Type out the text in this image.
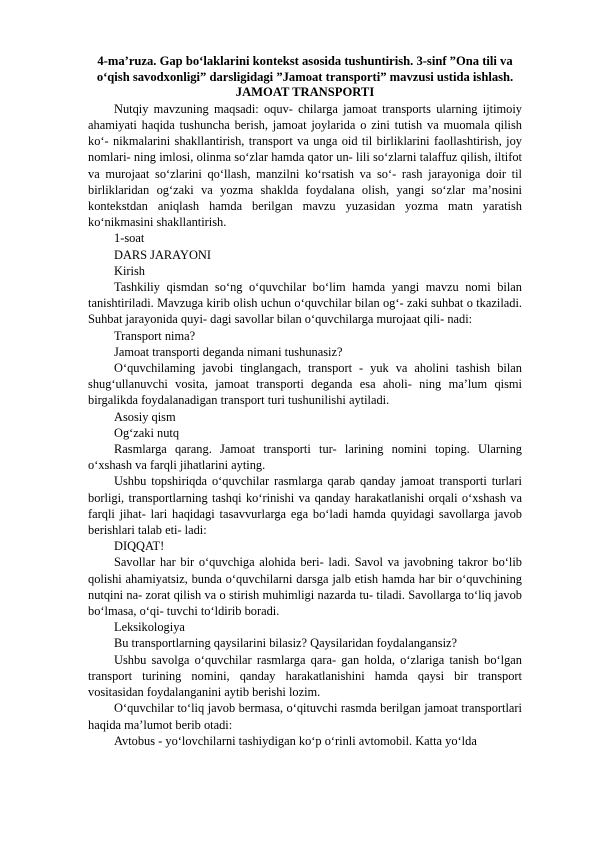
4-ma’ruza. Gap bo‘laklarini kontekst asosida tushuntirish. 3-sinf ”Ona tili va o‘qish savodxonligi” darsligidagi ”Jamoat transporti” mavzusi ustida ishlash.

JAMOAT TRANSPORTI

Nutqiy mavzuning maqsadi: oquv- chilarga jamoat transports ularning ijtimoiy ahamiyati haqida tushuncha berish, jamoat joylarida o zini tutish va muomala qilish ko‘- nikmalarini shakllantirish, transport va unga oid til birliklarini faollashtirish, joy nomlari- ning imlosi, olinma so‘zlar hamda qator un- lili so‘zlarni talaffuz qilish, iltifot va murojaat so‘zlarini qo‘llash, manzilni ko‘rsatish va so‘- rash jarayoniga doir til birliklaridan og‘zaki va yozma shaklda foydalana olish, yangi so‘zlar ma’nosini kontekstdan aniqlash hamda berilgan mavzu yuzasidan yozma matn yaratish ko‘nikmasini shakllantirish.

1-soat

DARS JARAYONI

Kirish

Tashkiliy qismdan so‘ng o‘quvchilar bo‘lim hamda yangi mavzu nomi bilan tanishtiriladi. Mavzuga kirib olish uchun o‘quvchilar bilan og‘- zaki suhbat o tkaziladi. Suhbat jarayonida quyi- dagi savollar bilan o‘quvchilarga murojaat qili- nadi:

Transport nima?

Jamoat transporti deganda nimani tushunasiz?

O‘quvchilaming javobi tinglangach, transport - yuk va aholini tashish bilan shug‘ullanuvchi vosita, jamoat transporti deganda esa aholi- ning ma’lum qismi birgalikda foydalanadigan transport turi tushunilishi aytiladi.

Asosiy qism

Og‘zaki nutq

Rasmlarga qarang. Jamoat transporti tur- larining nomini toping. Ularning o‘xshash va farqli jihatlarini ayting.

Ushbu topshiriqda o‘quvchilar rasmlarga qarab qanday jamoat transporti turlari borligi, transportlarning tashqi ko‘rinishi va qanday harakatlanishi orqali o‘xshash va farqli jihat- lari haqidagi tasavvurlarga ega bo‘ladi hamda quyidagi savollarga javob berishlari talab eti- ladi:

DIQQAT!

Savollar har bir o‘quvchiga alohida beri- ladi. Savol va javobning takror bo‘lib qolishi ahamiyatsiz, bunda o‘quvchilarni darsga jalb etish hamda har bir o‘quvchining nutqini na- zorat qilish va o stirish muhimligi nazarda tu- tiladi. Savollarga to‘liq javob bo‘lmasa, o‘qi- tuvchi to‘ldirib boradi.

Leksikologiya

Bu transportlarning qaysilarini bilasiz? Qaysilaridan foydalangansiz?

Ushbu savolga o‘quvchilar rasmlarga qara- gan holda, o‘zlariga tanish bo‘lgan transport turining nomini, qanday harakatlanishini hamda qaysi bir transport vositasidan foydalanganini aytib berishi lozim.

O‘quvchilar to‘liq javob bermasa, o‘qituvchi rasmda berilgan jamoat transportlari haqida ma’lumot berib otadi:

Avtobus - yo‘lovchilarni tashiydigan ko‘p o‘rinli avtomobil. Katta yo‘lda
